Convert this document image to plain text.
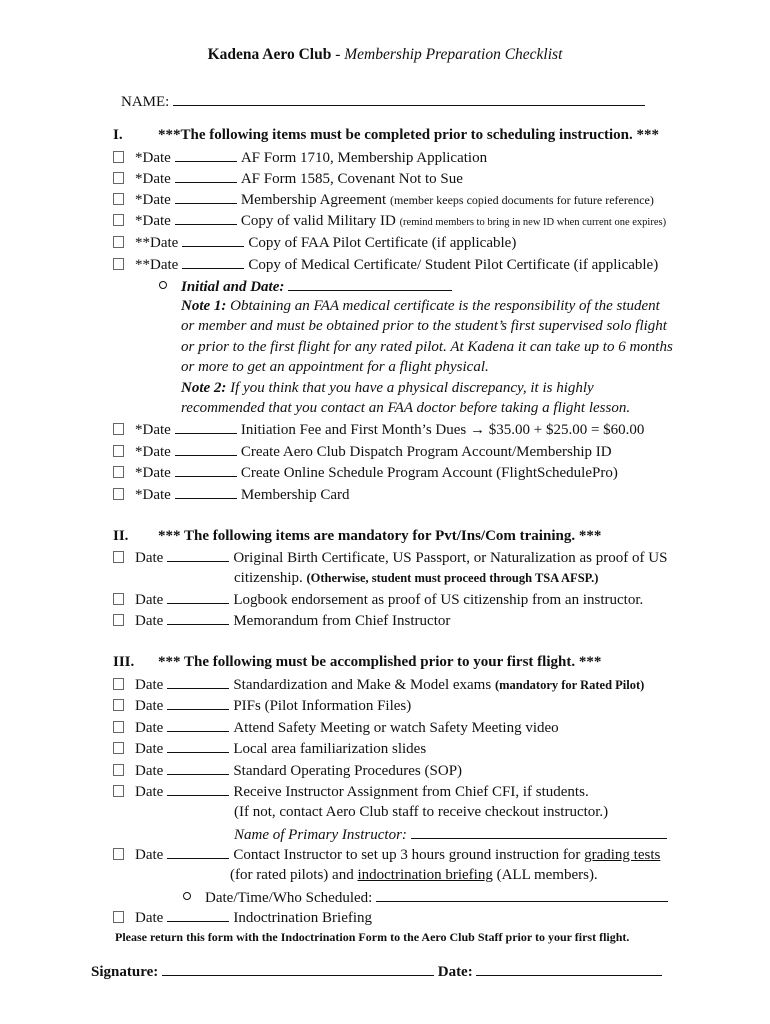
Kadena Aero Club - Membership Preparation Checklist
NAME:
I. ***The following items must be completed prior to scheduling instruction. ***
*Date	AF Form 1710, Membership Application
*Date	AF Form 1585, Covenant Not to Sue
*Date	Membership Agreement (member keeps copied documents for future reference)
*Date	Copy of valid Military ID (remind members to bring in new ID when current one expires)
**Date	Copy of FAA Pilot Certificate (if applicable)
**Date	Copy of Medical Certificate/ Student Pilot Certificate (if applicable)
Initial and Date:
Note 1: Obtaining an FAA medical certificate is the responsibility of the student
or member and must be obtained prior to the student’s first supervised solo flight
or prior to the first flight for any rated pilot. At Kadena it can take up to 6 months
or more to get an appointment for a flight physical.
Note 2: If you think that you have a physical discrepancy, it is highly
recommended that you contact an FAA doctor before taking a flight lesson.
*Date	Initiation Fee and First Month’s Dues → $35.00 + $25.00 = $60.00
*Date	Create Aero Club Dispatch Program Account/Membership ID
*Date	Create Online Schedule Program Account (FlightSchedulePro)
*Date	Membership Card
II. *** The following items are mandatory for Pvt/Ins/Com training. ***
Date	Original Birth Certificate, US Passport, or Naturalization as proof of US
citizenship. (Otherwise, student must proceed through TSA AFSP.)
Date	Logbook endorsement as proof of US citizenship from an instructor.
Date	Memorandum from Chief Instructor
III. *** The following must be accomplished prior to your first flight. ***
Date	Standardization and Make & Model exams (mandatory for Rated Pilot)
Date	PIFs (Pilot Information Files)
Date	Attend Safety Meeting or watch Safety Meeting video
Date	Local area familiarization slides
Date	Standard Operating Procedures (SOP)
Date	Receive Instructor Assignment from Chief CFI, if students.
(If not, contact Aero Club staff to receive checkout instructor.)
Name of Primary Instructor:
Date	Contact Instructor to set up 3 hours ground instruction for grading tests
(for rated pilots) and indoctrination briefing (ALL members).
Date/Time/Who Scheduled:
Date	Indoctrination Briefing
Please return this form with the Indoctrination Form to the Aero Club Staff prior to your first flight.
Signature:	Date:
